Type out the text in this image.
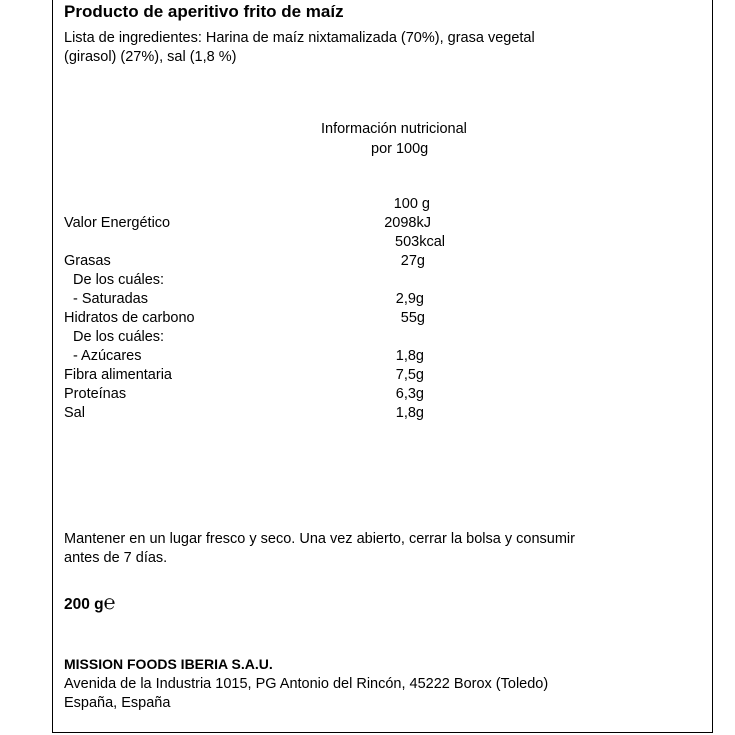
Producto de aperitivo frito de maíz
Lista de ingredientes: Harina de maíz nixtamalizada (70%), grasa vegetal
(girasol) (27%), sal (1,8 %)
Información nutricional
por 100g
100 g
Valor Energético	2098kJ
503kcal
Grasas	27g
De los cuáles:
- Saturadas	2,9g
Hidratos de carbono	55g
De los cuáles:
- Azúcares	1,8g
Fibra alimentaria	7,5g
Proteínas	6,3g
Sal	1,8g
Mantener en un lugar fresco y seco. Una vez abierto, cerrar la bolsa y consumir
antes de 7 días.
200 g℮
MISSION FOODS IBERIA S.A.U.
Avenida de la Industria 1015, PG Antonio del Rincón, 45222 Borox (Toledo)
España, España
